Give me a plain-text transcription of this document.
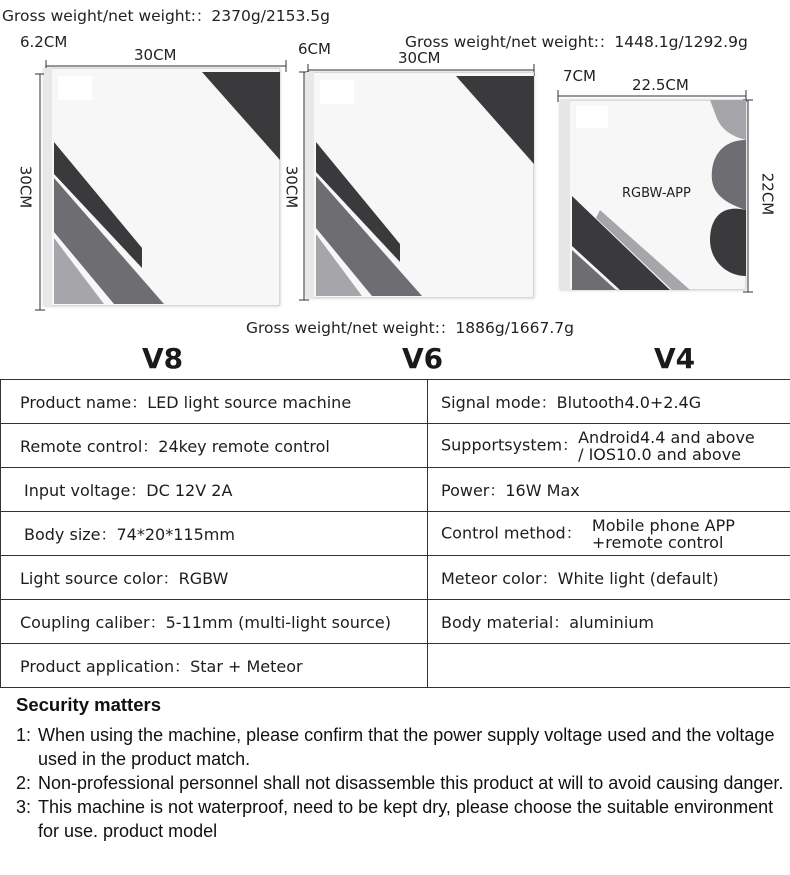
Gross weight/net weight:：2370g/2153.5g
6.2CM
30CM
30CM
V8
6CM	30CM
30CM
Gross weight/net weight:：1886g/1667.7g
V6
Gross weight/net weight:：1448.1g/1292.9g
7CM 22.5CM
22CM
RGBW-APP
V4
Product name：LED light source machine	Signal mode：Blutooth4.0+2.4G
Remote control：24key remote control	Supportsystem：Android4.4 and above
/ IOS10.0 and above
Input voltage：DC 12V 2A	Power：16W Max
Body size：74*20*115mm	Control method： Mobile phone APP
+remote control
Light source color：RGBW	Meteor color：White light (default)
Coupling caliber：5-11mm (multi-light source)	Body material：aluminium
Product application：Star + Meteor	
Security matters
1: When using the machine, please confirm that the power supply voltage used and the voltage used in the product match.
2: Non-professional personnel shall not disassemble this product at will to avoid causing danger.
3: This machine is not waterproof, need to be kept dry, please choose the suitable environment for use. product model
